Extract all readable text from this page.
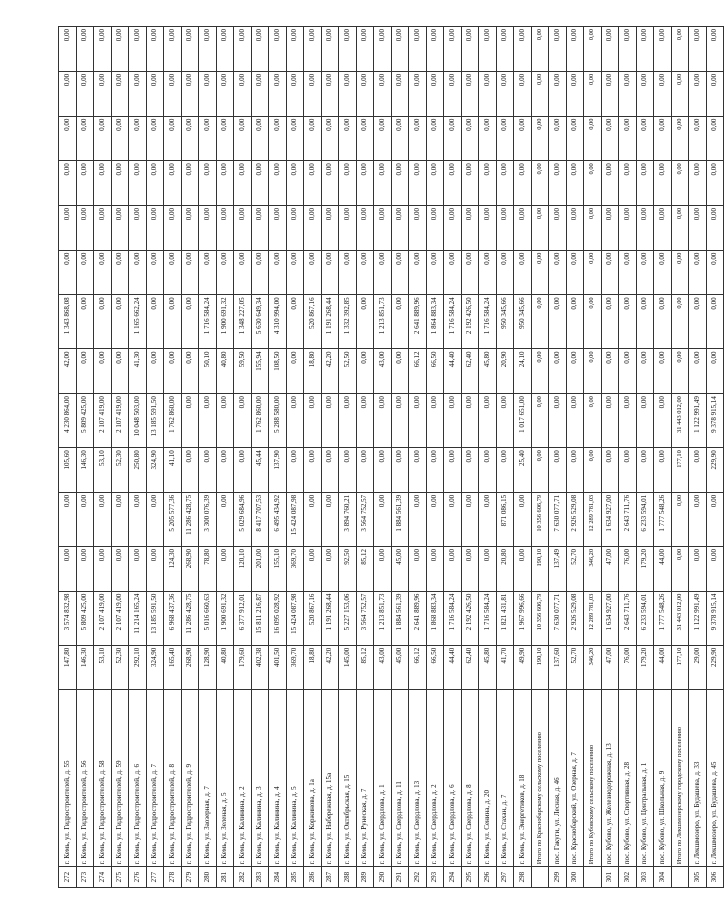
272	г. Кемь, ул. Гидростроителей, д. 55	147,80	3 574 832,98	0,00	0,00	105,60	4 230 864,00	42,00	1 343 868,08	0,00	0,00	0,00	0,00	0,00	0,00
273	г. Кемь, ул. Гидростроителей, д. 56	146,30	5 809 425,00	0,00	0,00	146,30	5 809 425,00	0,00	0,00	0,00	0,00	0,00	0,00	0,00	0,00
274	г. Кемь, ул. Гидростроителей, д. 58	53,10	2 107 419,00	0,00	0,00	53,10	2 107 419,00	0,00	0,00	0,00	0,00	0,00	0,00	0,00	0,00
275	г. Кемь, ул. Гидростроителей, д. 59	52,30	2 107 419,00	0,00	0,00	52,30	2 107 419,00	0,00	0,00	0,00	0,00	0,00	0,00	0,00	0,00
276	г. Кемь, ул. Гидростроителей, д. 6	292,10	11 214 165,24	0,00	0,00	250,80	10 048 503,00	41,30	1 165 662,24	0,00	0,00	0,00	0,00	0,00	0,00
277	г. Кемь, ул. Гидростроителей, д. 7	324,90	13 185 591,50	0,00	0,00	324,90	13 185 591,50	0,00	0,00	0,00	0,00	0,00	0,00	0,00	0,00
278	г. Кемь, ул. Гидростроителей, д. 8	165,40	6 968 437,36	124,30	5 205 577,36	41,10	1 762 860,00	0,00	0,00	0,00	0,00	0,00	0,00	0,00	0,00
279	г. Кемь, ул. Гидростроителей, д. 9	268,90	11 286 428,75	268,90	11 286 428,75	0,00	0,00	0,00	0,00	0,00	0,00	0,00	0,00	0,00	0,00
280	г. Кемь, ул. Заозерная, д. 7	128,90	5 016 660,63	78,80	3 300 076,39	0,00	0,00	50,10	1 716 584,24	0,00	0,00	0,00	0,00	0,00	0,00
281	г. Кемь, ул. Зеленая, д. 5	40,80	1 900 691,32	0,00	0,00	0,00	0,00	40,80	1 900 691,32	0,00	0,00	0,00	0,00	0,00	0,00
282	г. Кемь, ул. Калинина, д. 2	179,60	6 377 912,01	120,10	5 029 684,96	0,00	0,00	59,50	1 348 227,05	0,00	0,00	0,00	0,00	0,00	0,00
283	г. Кемь, ул. Калинина, д. 3	402,38	15 811 216,87	201,00	8 417 707,53	45,44	1 762 860,00	155,94	5 630 649,34	0,00	0,00	0,00	0,00	0,00	0,00
284	г. Кемь, ул. Калинина, д. 4	401,50	16 095 028,92	155,10	6 495 434,92	137,90	5 288 580,00	108,50	4 310 994,00	0,00	0,00	0,00	0,00	0,00	0,00
285	г. Кемь, ул. Калинина, д. 5	369,70	15 424 087,98	369,70	15 424 087,98	0,00	0,00	0,00	0,00	0,00	0,00	0,00	0,00	0,00	0,00
286	г. Кемь, ул. Коржинова, д. 1а	18,80	520 867,16	0,00	0,00	0,00	0,00	18,80	520 867,16	0,00	0,00	0,00	0,00	0,00	0,00
287	г. Кемь, ул. Набережная, д. 15а	42,20	1 191 268,44	0,00	0,00	0,00	0,00	42,20	1 191 268,44	0,00	0,00	0,00	0,00	0,00	0,00
288	г. Кемь, ул. Октябрьская, д. 15	145,00	5 227 153,06	92,50	3 894 760,21	0,00	0,00	52,50	1 332 392,85	0,00	0,00	0,00	0,00	0,00	0,00
289	г. Кемь, ул. Рунеская, д. 7	85,12	3 564 752,57	85,12	3 564 752,57	0,00	0,00	0,00	0,00	0,00	0,00	0,00	0,00	0,00	0,00
290	г. Кемь, ул. Свердлова, д. 1	43,00	1 213 851,73	0,00	0,00	0,00	0,00	43,00	1 213 851,73	0,00	0,00	0,00	0,00	0,00	0,00
291	г. Кемь, ул. Свердлова, д. 11	45,00	1 884 561,39	45,00	1 884 561,39	0,00	0,00	0,00	0,00	0,00	0,00	0,00	0,00	0,00	0,00
292	г. Кемь, ул. Свердлова, д. 13	66,12	2 641 889,96	0,00	0,00	0,00	0,00	66,12	2 641 889,96	0,00	0,00	0,00	0,00	0,00	0,00
293	г. Кемь, ул. Свердлова, д. 2	66,50	1 868 883,34	0,00	0,00	0,00	0,00	66,50	1 864 883,34	0,00	0,00	0,00	0,00	0,00	0,00
294	г. Кемь, ул. Свердлова, д. 6	44,40	1 716 584,24	0,00	0,00	0,00	0,00	44,40	1 716 584,24	0,00	0,00	0,00	0,00	0,00	0,00
295	г. Кемь, ул. Свердлова, д. 8	62,40	2 192 426,50	0,00	0,00	0,00	0,00	62,40	2 192 426,50	0,00	0,00	0,00	0,00	0,00	0,00
296	г. Кемь, ул. Сенина, д. 20	45,80	1 716 584,24	0,00	0,00	0,00	0,00	45,80	1 716 584,24	0,00	0,00	0,00	0,00	0,00	0,00
297	г. Кемь, ул. Стахан, д. 7	41,70	1 821 431,81	20,80	871 086,15	0,00	0,00	20,90	950 345,66	0,00	0,00	0,00	0,00	0,00	0,00
298	г. Кемь, ул. Энергетиков, д. 18	49,90	1 967 996,66	0,00	0,00	25,40	1 017 651,00	24,10	950 345,66	0,00	0,00	0,00	0,00	0,00	0,00
	Итого по Краснобарскому сельскому поселению	190,10	10 356 606,79	190,10	10 356 606,79	0,00	0,00	0,00	0,00	0,00	0,00	0,00	0,00	0,00	0,00
299	пос. Гакуги, ул. Лесная, д. 46	137,60	7 630 077,71	137,49	7 630 077,71	0,00	0,00	0,00	0,00	0,00	0,00	0,00	0,00	0,00	0,00
300	пос. Краснобарский, ул. Озерная, д. 7	52,70	2 926 529,08	52,70	2 926 529,08	0,00	0,00	0,00	0,00	0,00	0,00	0,00	0,00	0,00	0,00
	Итого по Кубовскому сельскому поселению	346,20	12 289 781,03	346,20	12 289 781,03	0,00	0,00	0,00	0,00	0,00	0,00	0,00	0,00	0,00	0,00
301	пос. Кубово, ул. Железнодорожная, д. 13	47,00	1 634 927,00	47,00	1 634 927,00	0,00	0,00	0,00	0,00	0,00	0,00	0,00	0,00	0,00	0,00
302	пос. Кубово, ул. Спортивная, д. 28	76,00	2 643 711,76	76,00	2 643 711,76	0,00	0,00	0,00	0,00	0,00	0,00	0,00	0,00	0,00	0,00
303	пос. Кубово, ул. Центральная, д. 1	179,20	6 233 594,01	179,20	6 233 594,01	0,00	0,00	0,00	0,00	0,00	0,00	0,00	0,00	0,00	0,00
304	пос. Кубово, ул. Школьная, д. 9	44,00	1 777 548,26	44,00	1 777 548,26	0,00	0,00	0,00	0,00	0,00	0,00	0,00	0,00	0,00	0,00
	Итого по Лекшмозерскому городскому поселению	177,10	31 443 012,00	0,00	0,00	177,10	31 443 012,00	0,00	0,00	0,00	0,00	0,00	0,00	0,00	0,00
305	г. Лекшмозеро, ул. Будашева, д. 33	29,00	1 122 991,49	0,00	0,00	0,00	1 122 991,49	0,00	0,00	0,00	0,00	0,00	0,00	0,00	0,00
306	г. Лекшмозеро, ул. Будашева, д. 45	229,90	9 378 915,14	0,00	0,00	229,90	9 378 915,14	0,00	0,00	0,00	0,00	0,00	0,00	0,00	0,00
